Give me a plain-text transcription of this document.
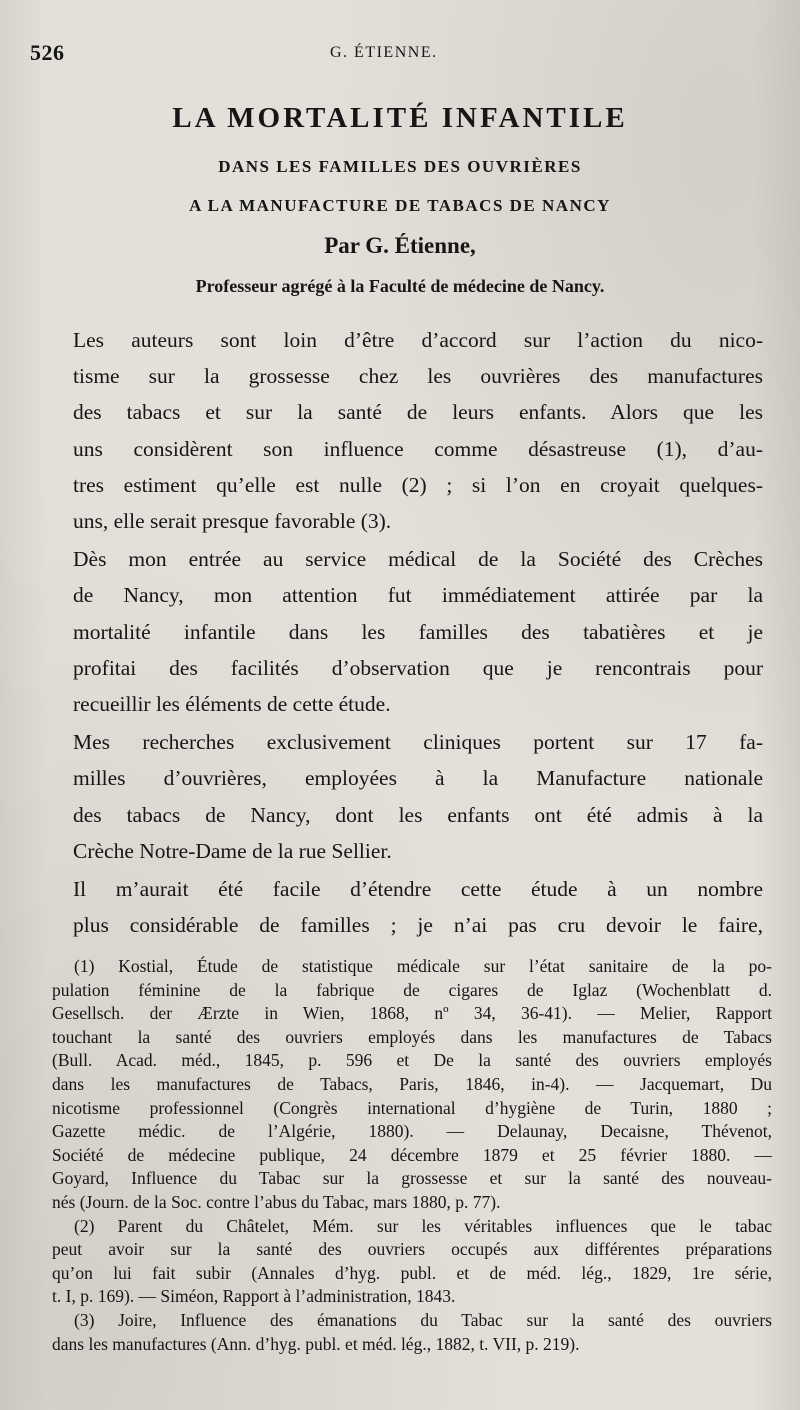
526	G. ÉTIENNE.
LA MORTALITÉ INFANTILE
DANS LES FAMILLES DES OUVRIÈRES
A LA MANUFACTURE DE TABACS DE NANCY
Par G. Étienne,
Professeur agrégé à la Faculté de médecine de Nancy.

Les auteurs sont loin d’être d’accord sur l’action du nico-
tisme sur la grossesse chez les ouvrières des manufactures
des tabacs et sur la santé de leurs enfants. Alors que les
uns considèrent son influence comme désastreuse (1), d’au-
tres estiment qu’elle est nulle (2) ; si l’on en croyait quelques-
uns, elle serait presque favorable (3).

Dès mon entrée au service médical de la Société des Crèches
de Nancy, mon attention fut immédiatement attirée par la
mortalité infantile dans les familles des tabatières et je
profitai des facilités d’observation que je rencontrais pour
recueillir les éléments de cette étude.

Mes recherches exclusivement cliniques portent sur 17 fa-
milles d’ouvrières, employées à la Manufacture nationale
des tabacs de Nancy, dont les enfants ont été admis à la
Crèche Notre-Dame de la rue Sellier.

Il m’aurait été facile d’étendre cette étude à un nombre
plus considérable de familles ; je n’ai pas cru devoir le faire,

(1) Kostial, Étude de statistique médicale sur l’état sanitaire de la po-
pulation féminine de la fabrique de cigares de Iglaz (Wochenblatt d.
Gesellsch. der Ærzte in Wien, 1868, nº 34, 36-41). — Melier, Rapport
touchant la santé des ouvriers employés dans les manufactures de Tabacs
(Bull. Acad. méd., 1845, p. 596 et De la santé des ouvriers employés
dans les manufactures de Tabacs, Paris, 1846, in-4). — Jacquemart, Du
nicotisme professionnel (Congrès international d’hygiène de Turin, 1880 ;
Gazette médic. de l’Algérie, 1880). — Delaunay, Decaisne, Thévenot,
Société de médecine publique, 24 décembre 1879 et 25 février 1880. —
Goyard, Influence du Tabac sur la grossesse et sur la santé des nouveau-
nés (Journ. de la Soc. contre l’abus du Tabac, mars 1880, p. 77).
(2) Parent du Châtelet, Mém. sur les véritables influences que le tabac
peut avoir sur la santé des ouvriers occupés aux différentes préparations
qu’on lui fait subir (Annales d’hyg. publ. et de méd. lég., 1829, 1re série,
t. I, p. 169). — Siméon, Rapport à l’administration, 1843.
(3) Joire, Influence des émanations du Tabac sur la santé des ouvriers
dans les manufactures (Ann. d’hyg. publ. et méd. lég., 1882, t. VII, p. 219).
